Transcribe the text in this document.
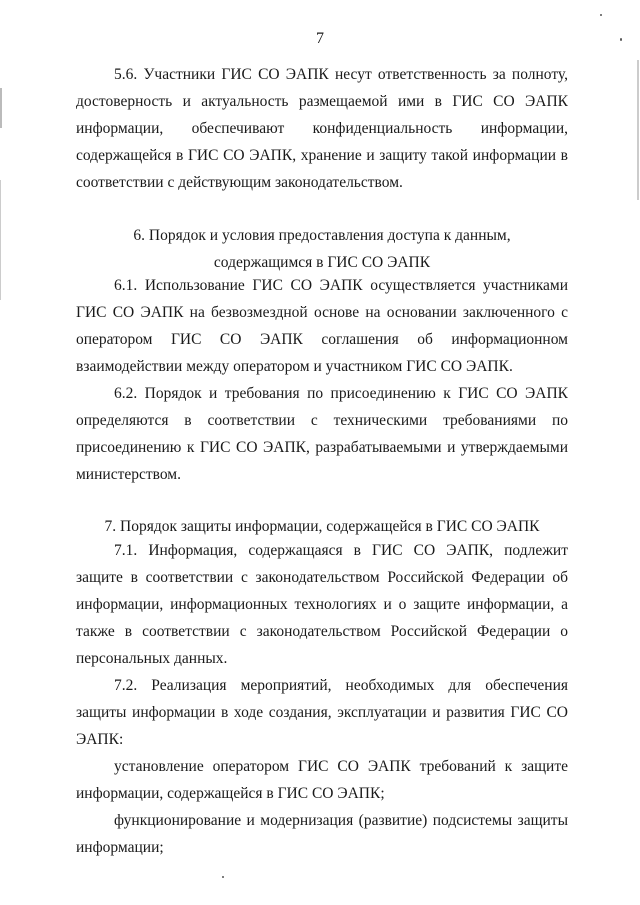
7

5.6. Участники ГИС СО ЭАПК несут ответственность за полноту, достоверность и актуальность размещаемой ими в ГИС СО ЭАПК информации, обеспечивают конфиденциальность информации, содержащейся в ГИС СО ЭАПК, хранение и защиту такой информации в соответствии с действующим законодательством.

6. Порядок и условия предоставления доступа к данным,
содержащимся в ГИС СО ЭАПК

6.1. Использование ГИС СО ЭАПК осуществляется участниками ГИС СО ЭАПК на безвозмездной основе на основании заключенного с оператором ГИС СО ЭАПК соглашения об информационном взаимодействии между оператором и участником ГИС СО ЭАПК.

6.2. Порядок и требования по присоединению к ГИС СО ЭАПК определяются в соответствии с техническими требованиями по присоединению к ГИС СО ЭАПК, разрабатываемыми и утверждаемыми министерством.

7. Порядок защиты информации, содержащейся в ГИС СО ЭАПК

7.1. Информация, содержащаяся в ГИС СО ЭАПК, подлежит защите в соответствии с законодательством Российской Федерации об информации, информационных технологиях и о защите информации, а также в соответствии с законодательством Российской Федерации о персональных данных.

7.2. Реализация мероприятий, необходимых для обеспечения защиты информации в ходе создания, эксплуатации и развития ГИС СО ЭАПК:

установление оператором ГИС СО ЭАПК требований к защите информации, содержащейся в ГИС СО ЭАПК;

функционирование и модернизация (развитие) подсистемы защиты информации;
